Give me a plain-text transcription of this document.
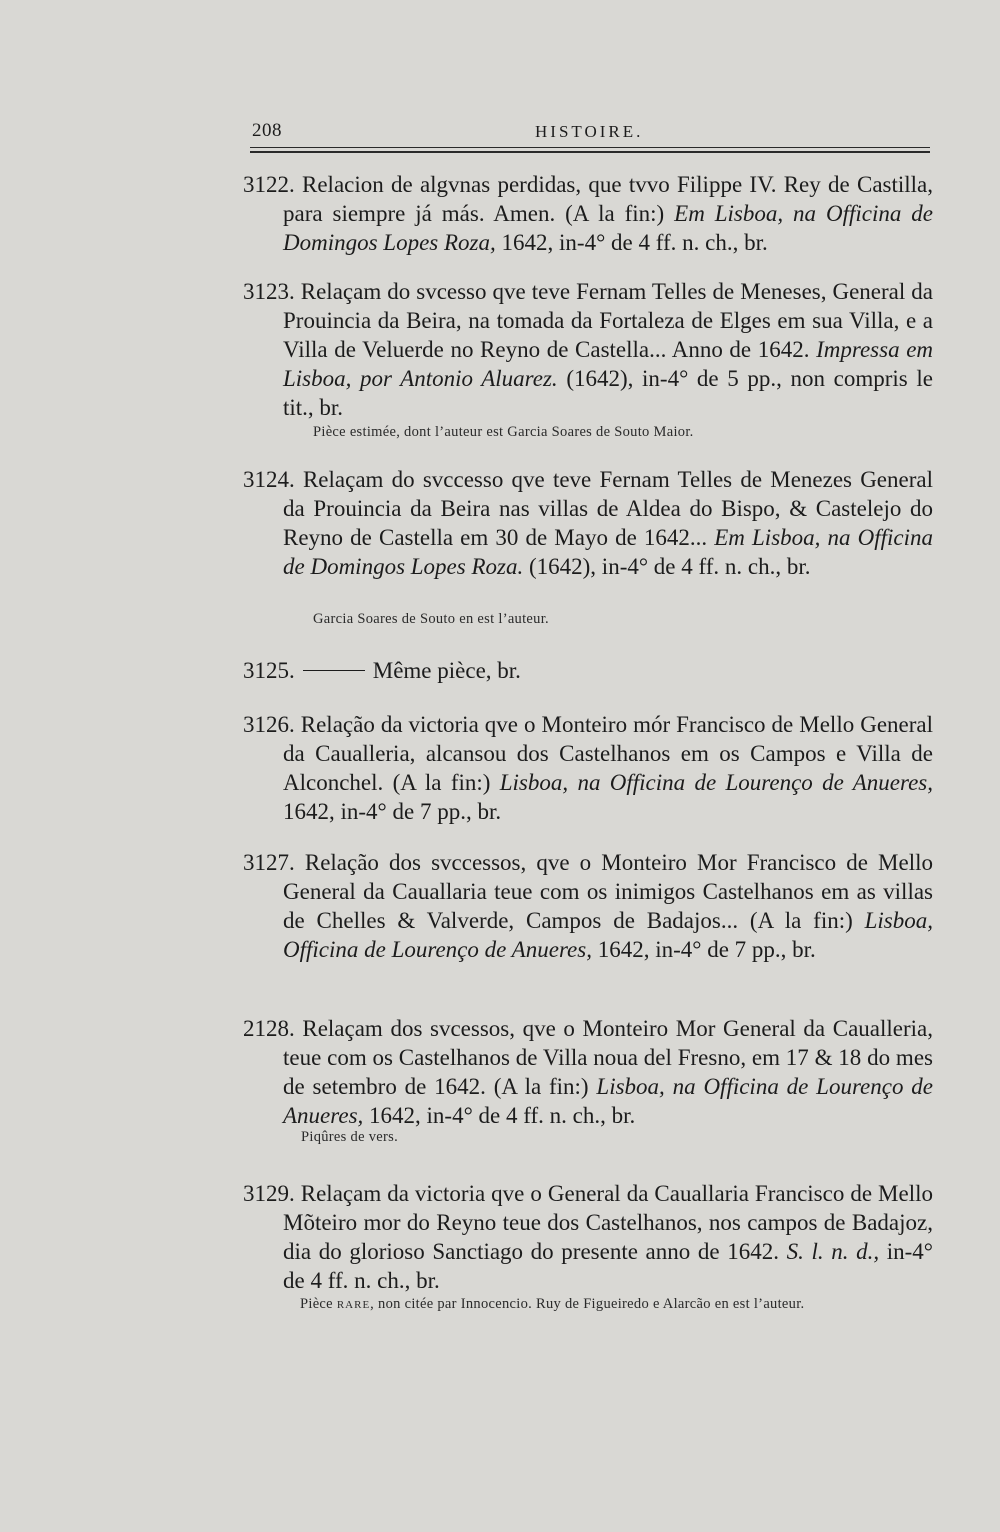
208	HISTOIRE.

3122. Relacion de algvnas perdidas, que tvvo Filippe IV. Rey de Castilla, para siempre já más. Amen. (A la fin:) Em Lisboa, na Officina de Domingos Lopes Roza, 1642, in-4° de 4 ff. n. ch., br.

3123. Relaçam do svcesso qve teve Fernam Telles de Meneses, General da Prouincia da Beira, na tomada da Fortaleza de Elges em sua Villa, e a Villa de Veluerde no Reyno de Castella... Anno de 1642. Impressa em Lisboa, por Antonio Aluarez. (1642), in-4° de 5 pp., non compris le tit., br.

Pièce estimée, dont l’auteur est Garcia Soares de Souto Maior.

3124. Relaçam do svccesso qve teve Fernam Telles de Menezes General da Prouincia da Beira nas villas de Aldea do Bispo, & Castelejo do Reyno de Castella em 30 de Mayo de 1642... Em Lisboa, na Officina de Domingos Lopes Roza. (1642), in-4° de 4 ff. n. ch., br.

Garcia Soares de Souto en est l’auteur.

3125.	Même pièce, br.

3126. Relação da victoria qve o Monteiro mór Francisco de Mello General da Caualleria, alcansou dos Castelhanos em os Campos e Villa de Alconchel. (A la fin:) Lisboa, na Officina de Lourenço de Anueres, 1642, in-4° de 7 pp., br.

3127. Relação dos svccessos, qve o Monteiro Mor Francisco de Mello General da Cauallaria teue com os inimigos Castelhanos em as villas de Chelles & Valverde, Campos de Badajos... (A la fin:) Lisboa, Officina de Lourenço de Anueres, 1642, in-4° de 7 pp., br.

2128. Relaçam dos svcessos, qve o Monteiro Mor General da Caualleria, teue com os Castelhanos de Villa noua del Fresno, em 17 & 18 do mes de setembro de 1642. (A la fin:) Lisboa, na Officina de Lourenço de Anueres, 1642, in-4° de 4 ff. n. ch., br.

Piqûres de vers.

3129. Relaçam da victoria qve o General da Cauallaria Francisco de Mello Mõteiro mor do Reyno teue dos Castelhanos, nos campos de Badajoz, dia do glorioso Sanctiago do presente anno de 1642. S. l. n. d., in-4° de 4 ff. n. ch., br.

Pièce RARE, non citée par Innocencio. Ruy de Figueiredo e Alarcão en est l’auteur.
